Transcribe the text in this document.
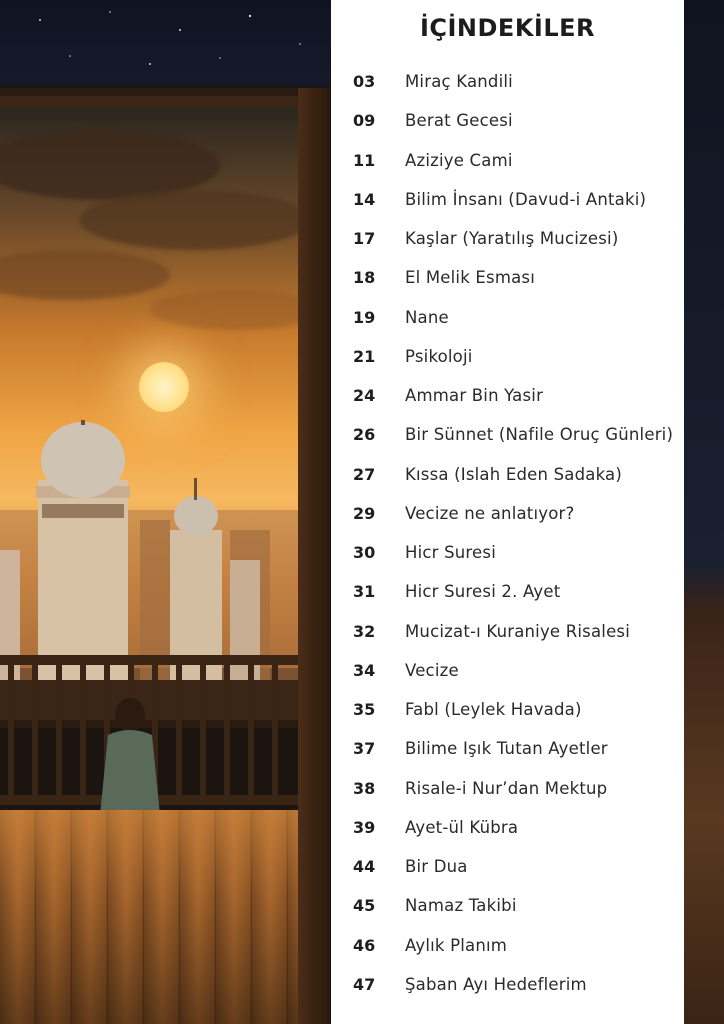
İÇİNDEKİLER
03	Miraç Kandili
09	Berat Gecesi
11	Aziziye Cami
14	Bilim İnsanı (Davud-i Antaki)
17	Kaşlar (Yaratılış Mucizesi)
18	El Melik Esması
19	Nane
21	Psikoloji
24	Ammar Bin Yasir
26	Bir Sünnet (Nafile Oruç Günleri)
27	Kıssa (Islah Eden Sadaka)
29	Vecize ne anlatıyor?
30	Hicr Suresi
31	Hicr Suresi 2. Ayet
32	Mucizat-ı Kuraniye Risalesi
34	Vecize
35	Fabl (Leylek Havada)
37	Bilime Işık Tutan Ayetler
38	Risale-i Nur’dan Mektup
39	Ayet-ül Kübra
44	Bir Dua
45	Namaz Takibi
46	Aylık Planım
47	Şaban Ayı Hedeflerim
